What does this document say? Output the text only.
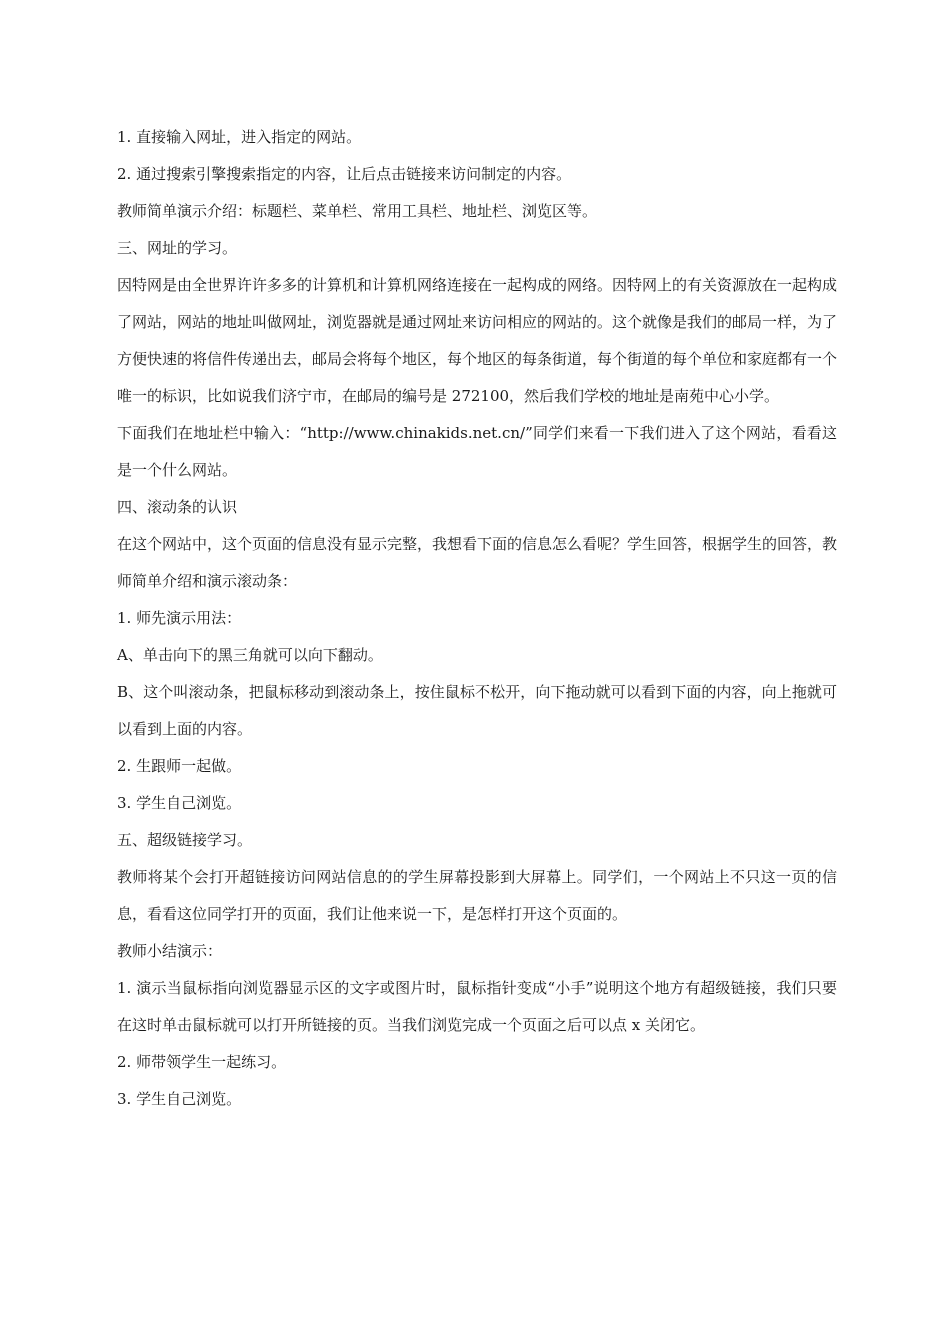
1. 直接输入网址，进入指定的网站。

2. 通过搜索引擎搜索指定的内容，让后点击链接来访问制定的内容。

教师简单演示介绍：标题栏、菜单栏、常用工具栏、地址栏、浏览区等。

三、网址的学习。

因特网是由全世界许许多多的计算机和计算机网络连接在一起构成的网络。因特网上的有关资源放在一起构成了网站，网站的地址叫做网址，浏览器就是通过网址来访问相应的网站的。这个就像是我们的邮局一样，为了方便快速的将信件传递出去，邮局会将每个地区，每个地区的每条街道，每个街道的每个单位和家庭都有一个唯一的标识，比如说我们济宁市，在邮局的编号是 272100，然后我们学校的地址是南苑中心小学。

下面我们在地址栏中输入：“http://www.chinakids.net.cn/”同学们来看一下我们进入了这个网站，看看这是一个什么网站。

四、滚动条的认识

在这个网站中，这个页面的信息没有显示完整，我想看下面的信息怎么看呢？学生回答，根据学生的回答，教师简单介绍和演示滚动条：

1. 师先演示用法：

A、单击向下的黑三角就可以向下翻动。

B、这个叫滚动条，把鼠标移动到滚动条上，按住鼠标不松开，向下拖动就可以看到下面的内容，向上拖就可以看到上面的内容。

2. 生跟师一起做。

3. 学生自己浏览。

五、超级链接学习。

教师将某个会打开超链接访问网站信息的的学生屏幕投影到大屏幕上。同学们，一个网站上不只这一页的信息，看看这位同学打开的页面，我们让他来说一下，是怎样打开这个页面的。

教师小结演示：

1. 演示当鼠标指向浏览器显示区的文字或图片时，鼠标指针变成“小手”说明这个地方有超级链接，我们只要在这时单击鼠标就可以打开所链接的页。当我们浏览完成一个页面之后可以点 x 关闭它。

2. 师带领学生一起练习。

3. 学生自己浏览。
